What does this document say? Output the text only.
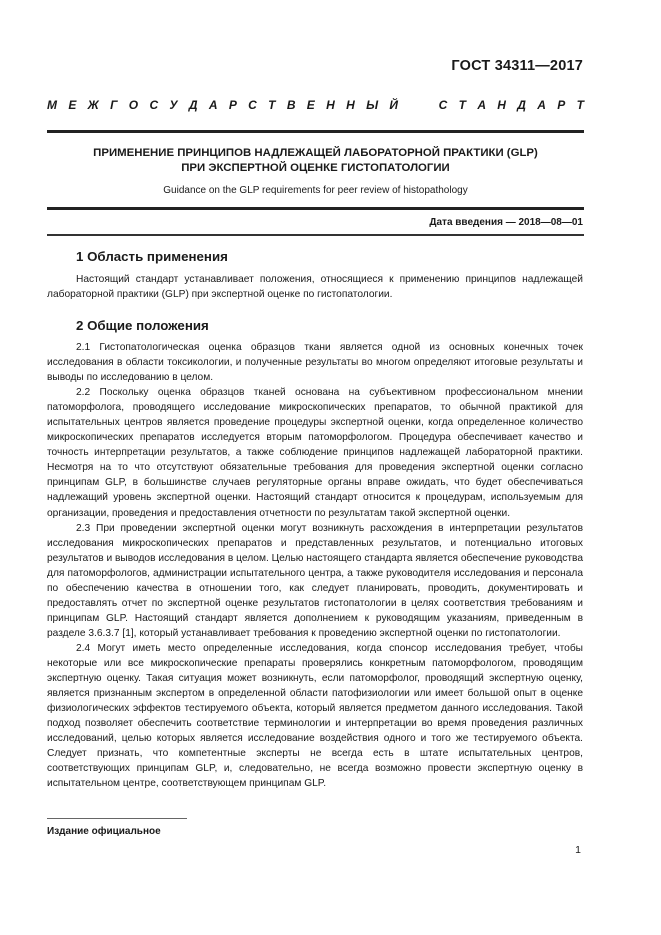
ГОСТ 34311—2017
М Е Ж Г О С У Д А Р С Т В Е Н Н Ы Й

	С Т А Н Д А Р Т
ПРИМЕНЕНИЕ ПРИНЦИПОВ НАДЛЕЖАЩЕЙ ЛАБОРАТОРНОЙ ПРАКТИКИ (GLP)
ПРИ ЭКСПЕРТНОЙ ОЦЕНКЕ ГИСТОПАТОЛОГИИ
Guidance on the GLP requirements for peer review of histopathology
Дата введения — 2018—08—01
1 Область применения

Настоящий стандарт устанавливает положения, относящиеся к применению принципов надлежащей лабораторной практики (GLP) при экспертной оценке по гистопатологии.

2 Общие положения

2.1 Гистопатологическая оценка образцов ткани является одной из основных конечных точек исследования в области токсикологии, и полученные результаты во многом определяют итоговые результаты и выводы по исследованию в целом.

2.2 Поскольку оценка образцов тканей основана на субъективном профессиональном мнении патоморфолога, проводящего исследование микроскопических препаратов, то обычной практикой для испытательных центров является проведение процедуры экспертной оценки, когда определенное количество микроскопических препаратов исследуется вторым патоморфологом. Процедура обеспечивает качество и точность интерпретации результатов, а также соблюдение принципов надлежащей лабораторной практики. Несмотря на то что отсутствуют обязательные требования для проведения экспертной оценки согласно принципам GLP, в большинстве случаев регуляторные органы вправе ожидать, что будет обеспечиваться надлежащий уровень экспертной оценки. Настоящий стандарт относится к процедурам, используемым для организации, проведения и предоставления отчетности по результатам такой экспертной оценки.

2.3 При проведении экспертной оценки могут возникнуть расхождения в интерпретации результатов исследования микроскопических препаратов и представленных результатов, и потенциально итоговых результатов и выводов исследования в целом. Целью настоящего стандарта является обеспечение руководства для патоморфологов, администрации испытательного центра, а также руководителя исследования и персонала по обеспечению качества в отношении того, как следует планировать, проводить, документировать и предоставлять отчет по экспертной оценке результатов гистопатологии в целях соответствия требованиям и принципам GLP. Настоящий стандарт является дополнением к руководящим указаниям, приведенным в разделе 3.6.3.7 [1], который устанавливает требования к проведению экспертной оценки по гистопатологии.

2.4 Могут иметь место определенные исследования, когда спонсор исследования требует, чтобы некоторые или все микроскопические препараты проверялись конкретным патоморфологом, проводящим экспертную оценку. Такая ситуация может возникнуть, если патоморфолог, проводящий экспертную оценку, является признанным экспертом в определенной области патофизиологии или имеет большой опыт в оценке физиологических эффектов тестируемого объекта, который является предметом данного исследования. Такой подход позволяет обеспечить соответствие терминологии и интерпретации во время проведения различных исследований, целью которых является исследование воздействия одного и того же тестируемого объекта. Следует признать, что компетентные эксперты не всегда есть в штате испытательных центров, соответствующих принципам GLP, и, следовательно, не всегда возможно провести экспертную оценку в испытательном центре, соответствующем принципам GLP.

Издание официальное
1
